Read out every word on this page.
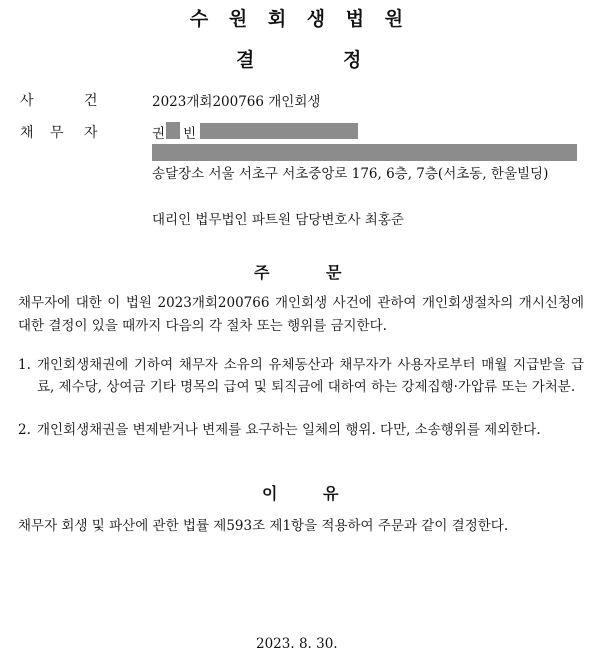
수 원 회 생 법 원
결	정
사	건	2023개회200766 개인회생
채 무 자	권 빈
송달장소 서울 서초구 서초중앙로 176, 6층, 7층(서초동, 한울빌딩)
대리인 법무법인 파트원 담당변호사 최홍준
주	문
채무자에 대한 이 법원 2023개회200766 개인회생 사건에 관하여 개인회생절차의 개시신청에 대한 결정이 있을 때까지 다음의 각 절차 또는 행위를 금지한다.
1. 개인회생채권에 기하여 채무자 소유의 유체동산과 채무자가 사용자로부터 매월 지급받을 급료, 제수당, 상여금 기타 명목의 급여 및 퇴직금에 대하여 하는 강제집행·가압류 또는 가처분.
2. 개인회생채권을 변제받거나 변제를 요구하는 일체의 행위. 다만, 소송행위를 제외한다.
이	유
채무자 회생 및 파산에 관한 법률 제593조 제1항을 적용하여 주문과 같이 결정한다.
2023. 8. 30.
